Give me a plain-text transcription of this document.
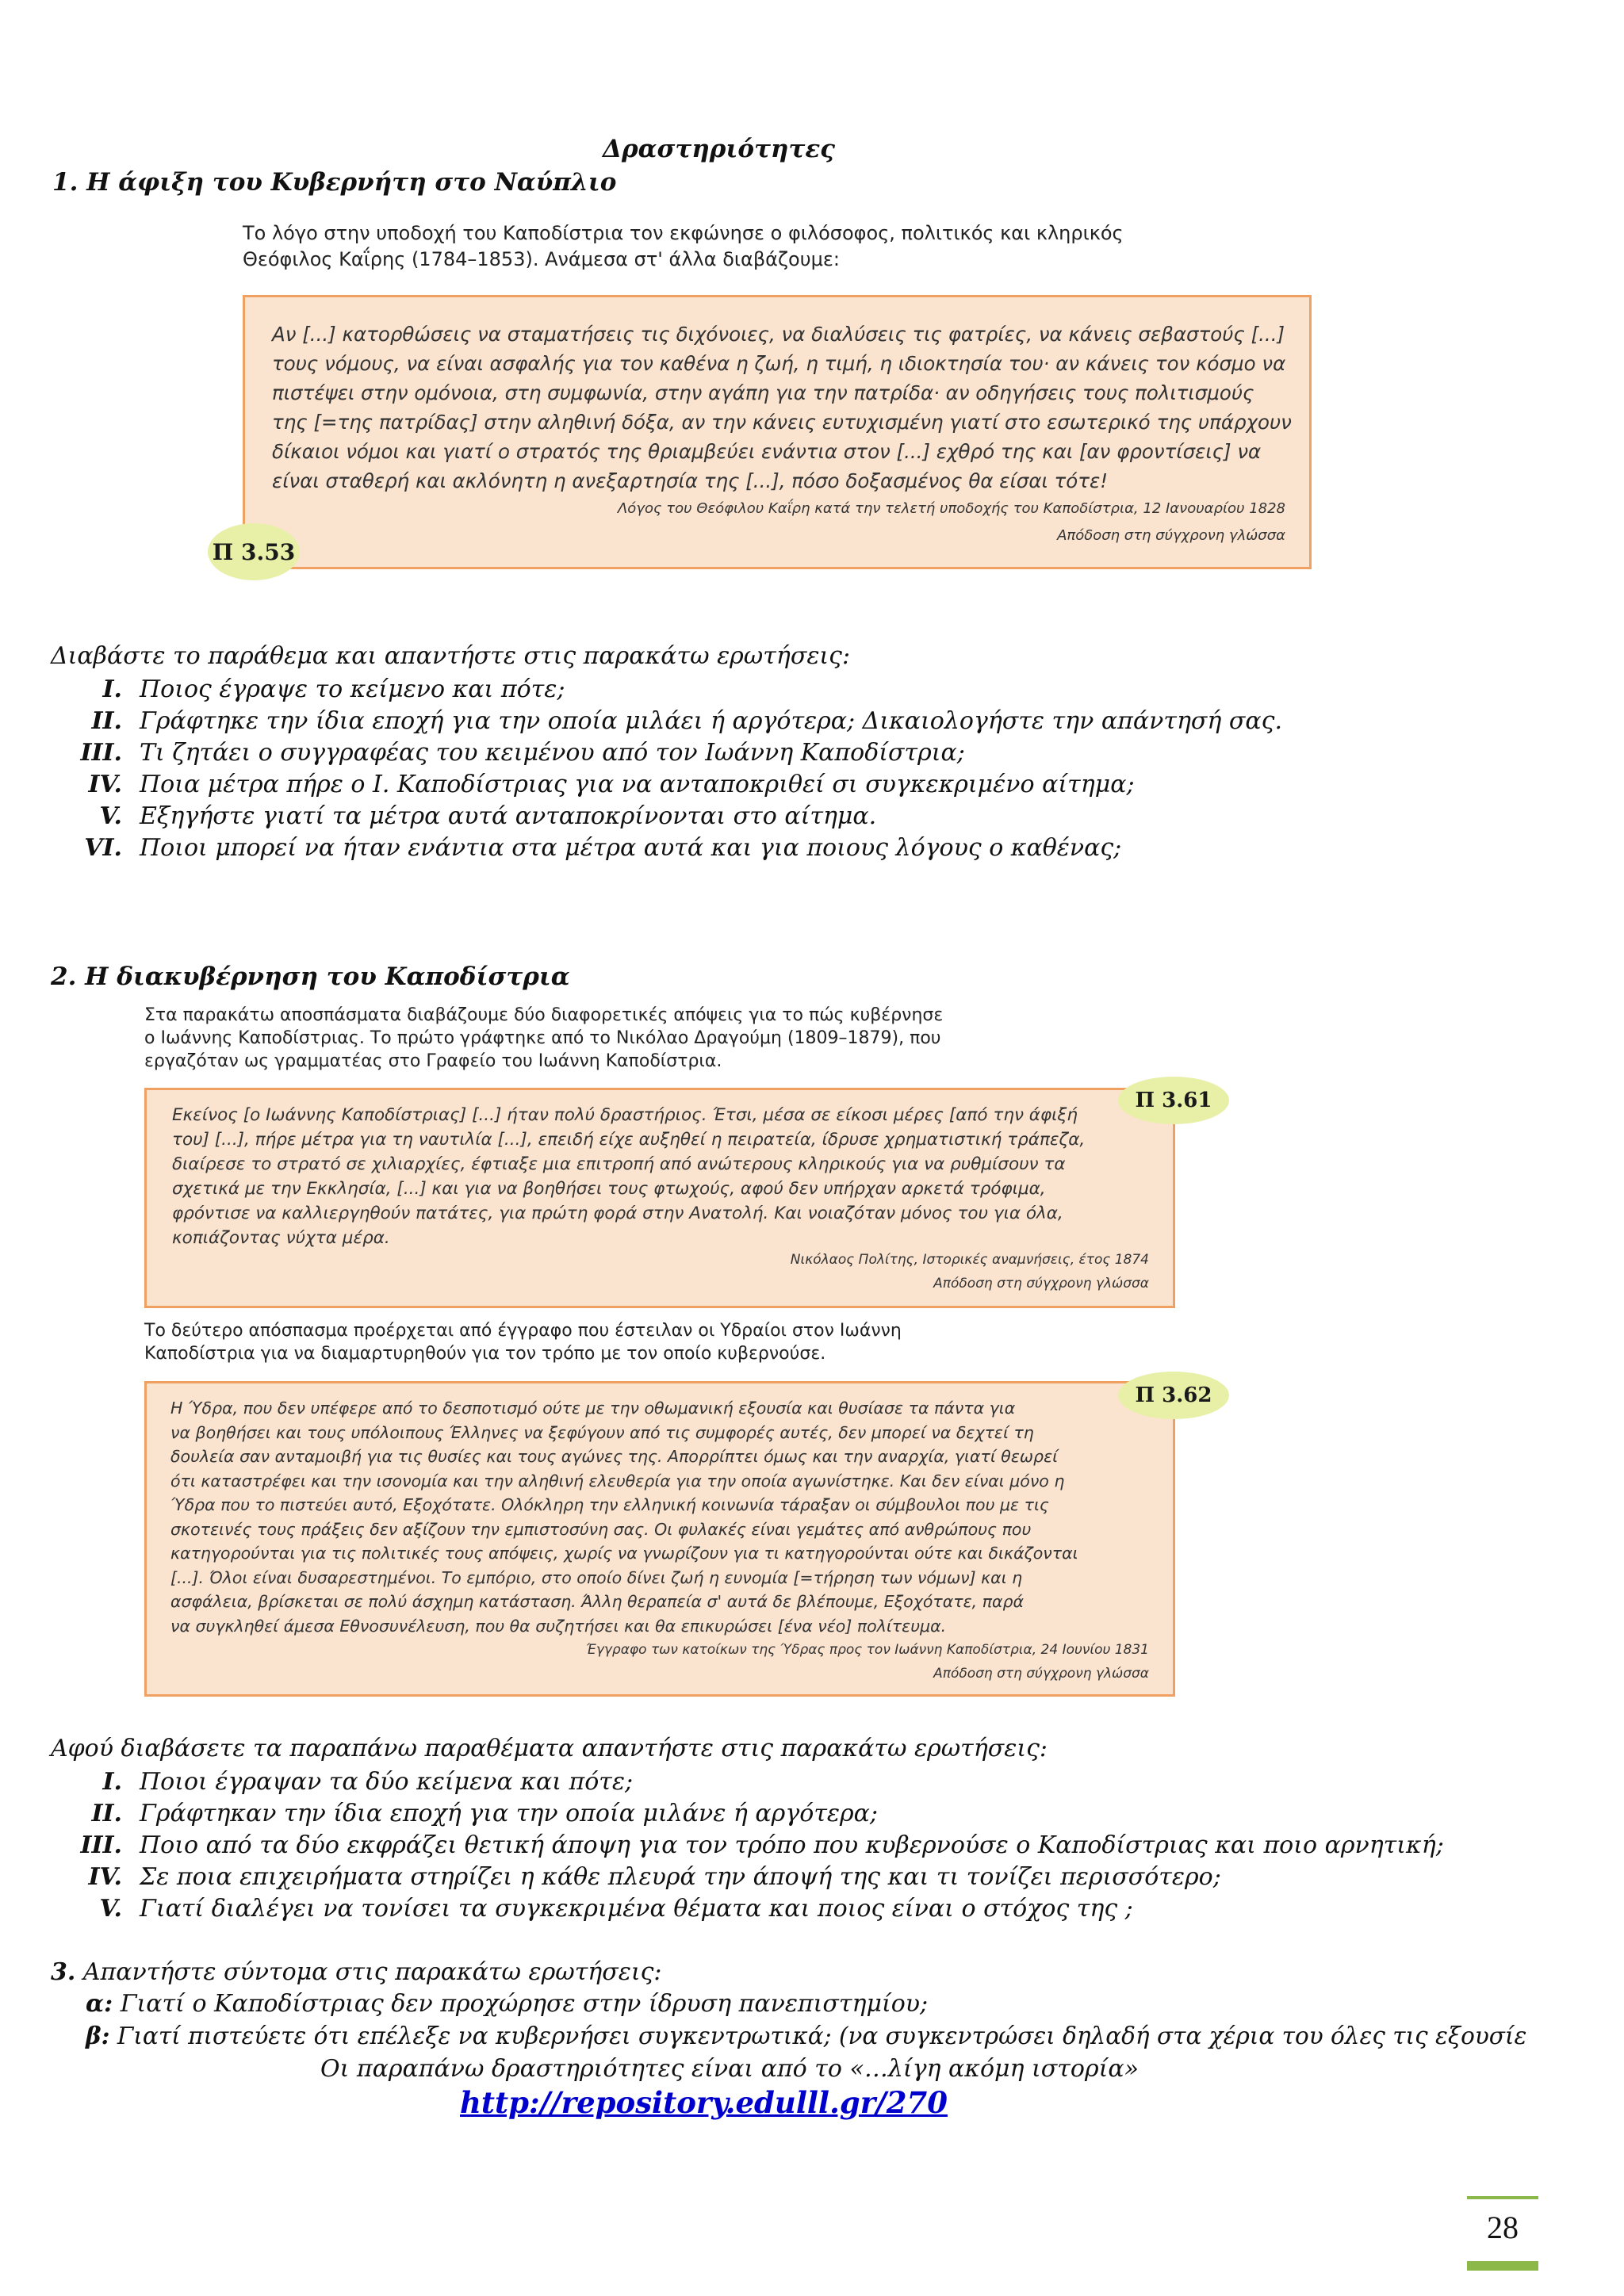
Δραστηριότητες
1. Η άφιξη του Κυβερνήτη στο Ναύπλιο
Το λόγο στην υποδοχή του Καποδίστρια τον εκφώνησε ο φιλόσοφος, πολιτικός και κληρικός
Θεόφιλος Καΐρης (1784–1853). Ανάμεσα στ' άλλα διαβάζουμε:
Αν [...] κατορθώσεις να σταματήσεις τις διχόνοιες, να διαλύσεις τις φατρίες, να κάνεις σεβαστούς [...]
τους νόμους, να είναι ασφαλής για τον καθένα η ζωή, η τιμή, η ιδιοκτησία του· αν κάνεις τον κόσμο να
πιστέψει στην ομόνοια, στη συμφωνία, στην αγάπη για την πατρίδα· αν οδηγήσεις τους πολιτισμούς
της [=της πατρίδας] στην αληθινή δόξα, αν την κάνεις ευτυχισμένη γιατί στο εσωτερικό της υπάρχουν
δίκαιοι νόμοι και γιατί ο στρατός της θριαμβεύει ενάντια στον [...] εχθρό της και [αν φροντίσεις] να
είναι σταθερή και ακλόνητη η ανεξαρτησία της [...], πόσο δοξασμένος θα είσαι τότε!
Λόγος του Θεόφιλου Καΐρη κατά την τελετή υποδοχής του Καποδίστρια, 12 Ιανουαρίου 1828
Απόδοση στη σύγχρονη γλώσσα
Π 3.53
Διαβάστε το παράθεμα και απαντήστε στις παρακάτω ερωτήσεις:
I. Ποιος έγραψε το κείμενο και πότε;
II. Γράφτηκε την ίδια εποχή για την οποία μιλάει ή αργότερα; Δικαιολογήστε την απάντησή σας.
III. Τι ζητάει ο συγγραφέας του κειμένου από τον Ιωάννη Καποδίστρια;
IV. Ποια μέτρα πήρε ο Ι. Καποδίστριας για να ανταποκριθεί σι συγκεκριμένο αίτημα;
V. Εξηγήστε γιατί τα μέτρα αυτά ανταποκρίνονται στο αίτημα.
VI. Ποιοι μπορεί να ήταν ενάντια στα μέτρα αυτά και για ποιους λόγους ο καθένας;
2. Η διακυβέρνηση του Καποδίστρια
Στα παρακάτω αποσπάσματα διαβάζουμε δύο διαφορετικές απόψεις για το πώς κυβέρνησε
ο Ιωάννης Καποδίστριας. Το πρώτο γράφτηκε από το Νικόλαο Δραγούμη (1809–1879), που
εργαζόταν ως γραμματέας στο Γραφείο του Ιωάννη Καποδίστρια.
Εκείνος [ο Ιωάννης Καποδίστριας] [...] ήταν πολύ δραστήριος. Έτσι, μέσα σε είκοσι μέρες [από την άφιξή
του] [...], πήρε μέτρα για τη ναυτιλία [...], επειδή είχε αυξηθεί η πειρατεία, ίδρυσε χρηματιστική τράπεζα,
διαίρεσε το στρατό σε χιλιαρχίες, έφτιαξε μια επιτροπή από ανώτερους κληρικούς για να ρυθμίσουν τα
σχετικά με την Εκκλησία, [...] και για να βοηθήσει τους φτωχούς, αφού δεν υπήρχαν αρκετά τρόφιμα,
φρόντισε να καλλιεργηθούν πατάτες, για πρώτη φορά στην Ανατολή. Και νοιαζόταν μόνος του για όλα,
κοπιάζοντας νύχτα μέρα.
Νικόλαος Πολίτης, Ιστορικές αναμνήσεις, έτος 1874
Απόδοση στη σύγχρονη γλώσσα
Π 3.61
Το δεύτερο απόσπασμα προέρχεται από έγγραφο που έστειλαν οι Υδραίοι στον Ιωάννη
Καποδίστρια για να διαμαρτυρηθούν για τον τρόπο με τον οποίο κυβερνούσε.
Η Ύδρα, που δεν υπέφερε από το δεσποτισμό ούτε με την οθωμανική εξουσία και θυσίασε τα πάντα για
να βοηθήσει και τους υπόλοιπους Έλληνες να ξεφύγουν από τις συμφορές αυτές, δεν μπορεί να δεχτεί τη
δουλεία σαν ανταμοιβή για τις θυσίες και τους αγώνες της. Απορρίπτει όμως και την αναρχία, γιατί θεωρεί
ότι καταστρέφει και την ισονομία και την αληθινή ελευθερία για την οποία αγωνίστηκε. Και δεν είναι μόνο η
Ύδρα που το πιστεύει αυτό, Εξοχότατε. Ολόκληρη την ελληνική κοινωνία τάραξαν οι σύμβουλοι που με τις
σκοτεινές τους πράξεις δεν αξίζουν την εμπιστοσύνη σας. Οι φυλακές είναι γεμάτες από ανθρώπους που
κατηγορούνται για τις πολιτικές τους απόψεις, χωρίς να γνωρίζουν για τι κατηγορούνται ούτε και δικάζονται
[...]. Όλοι είναι δυσαρεστημένοι. Το εμπόριο, στο οποίο δίνει ζωή η ευνομία [=τήρηση των νόμων] και η
ασφάλεια, βρίσκεται σε πολύ άσχημη κατάσταση. Άλλη θεραπεία σ' αυτά δε βλέπουμε, Εξοχότατε, παρά
να συγκληθεί άμεσα Εθνοσυνέλευση, που θα συζητήσει και θα επικυρώσει [ένα νέο] πολίτευμα.
Έγγραφο των κατοίκων της Ύδρας προς τον Ιωάννη Καποδίστρια, 24 Ιουνίου 1831
Απόδοση στη σύγχρονη γλώσσα
Π 3.62
Αφού διαβάσετε τα παραπάνω παραθέματα απαντήστε στις παρακάτω ερωτήσεις:
I. Ποιοι έγραψαν τα δύο κείμενα και πότε;
II. Γράφτηκαν την ίδια εποχή για την οποία μιλάνε ή αργότερα;
III. Ποιο από τα δύο εκφράζει θετική άποψη για τον τρόπο που κυβερνούσε ο Καποδίστριας και ποιο αρνητική;
IV. Σε ποια επιχειρήματα στηρίζει η κάθε πλευρά την άποψή της και τι τονίζει περισσότερο;
V. Γιατί διαλέγει να τονίσει τα συγκεκριμένα θέματα και ποιος είναι ο στόχος της ;
3. Απαντήστε σύντομα στις παρακάτω ερωτήσεις:
α: Γιατί ο Καποδίστριας δεν προχώρησε στην ίδρυση πανεπιστημίου;
β: Γιατί πιστεύετε ότι επέλεξε να κυβερνήσει συγκεντρωτικά; (να συγκεντρώσει δηλαδή στα χέρια του όλες τις εξουσίε
Οι παραπάνω δραστηριότητες είναι από το «…λίγη ακόμη ιστορία»
http://repository.edulll.gr/270
28
